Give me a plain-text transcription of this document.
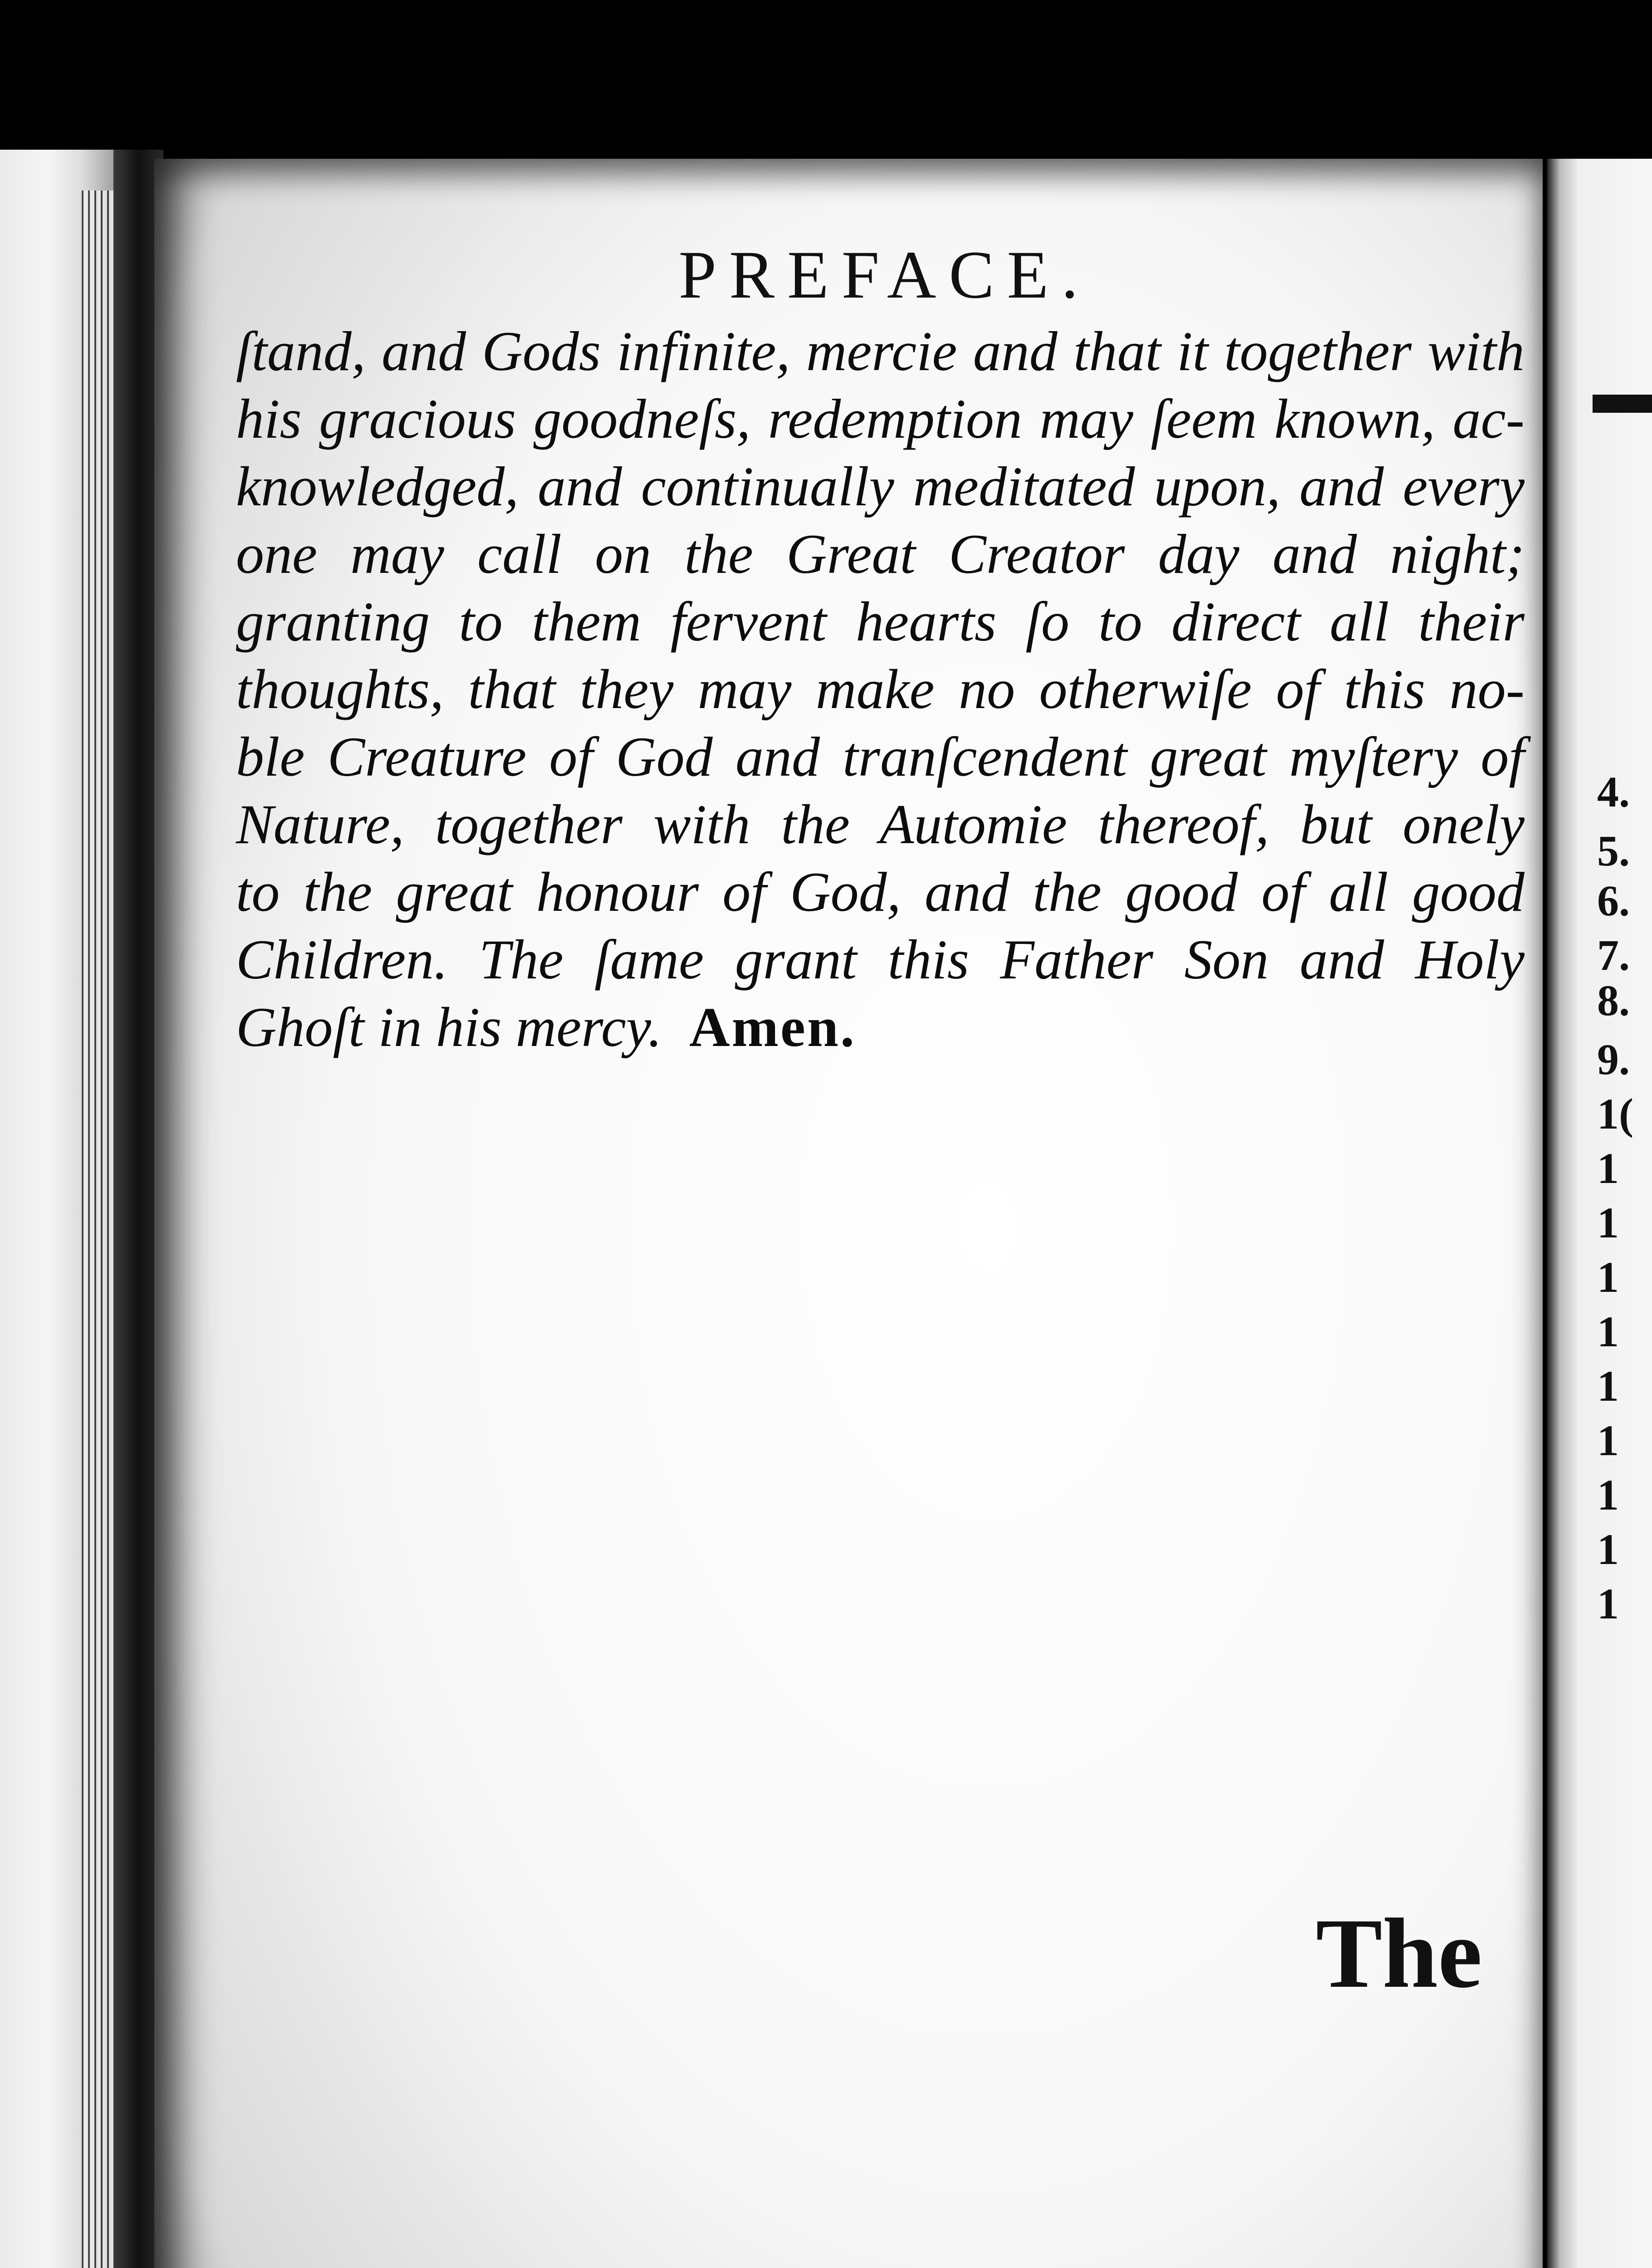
PREFACE.
ſtand, and Gods infinite, mercie and that it together with
his gracious goodneſs, redemption may ſeem known, ac-
knowledged, and continually meditated upon, and every
one may call on the Great Creator day and night;
granting to them fervent hearts ſo to direct all their
thoughts, that they may make no otherwiſe of this no-
ble Creature of God and tranſcendent great myſtery of
Nature, together with the Automie thereof, but onely
to the great honour of God, and the good of all good
Children. The ſame grant this Father Son and Holy
Ghoſt in his mercy. Amen.
The
4.
5.
6.
7.
8.
9.
1(
1
1
1
1
1
1
1
1
1
